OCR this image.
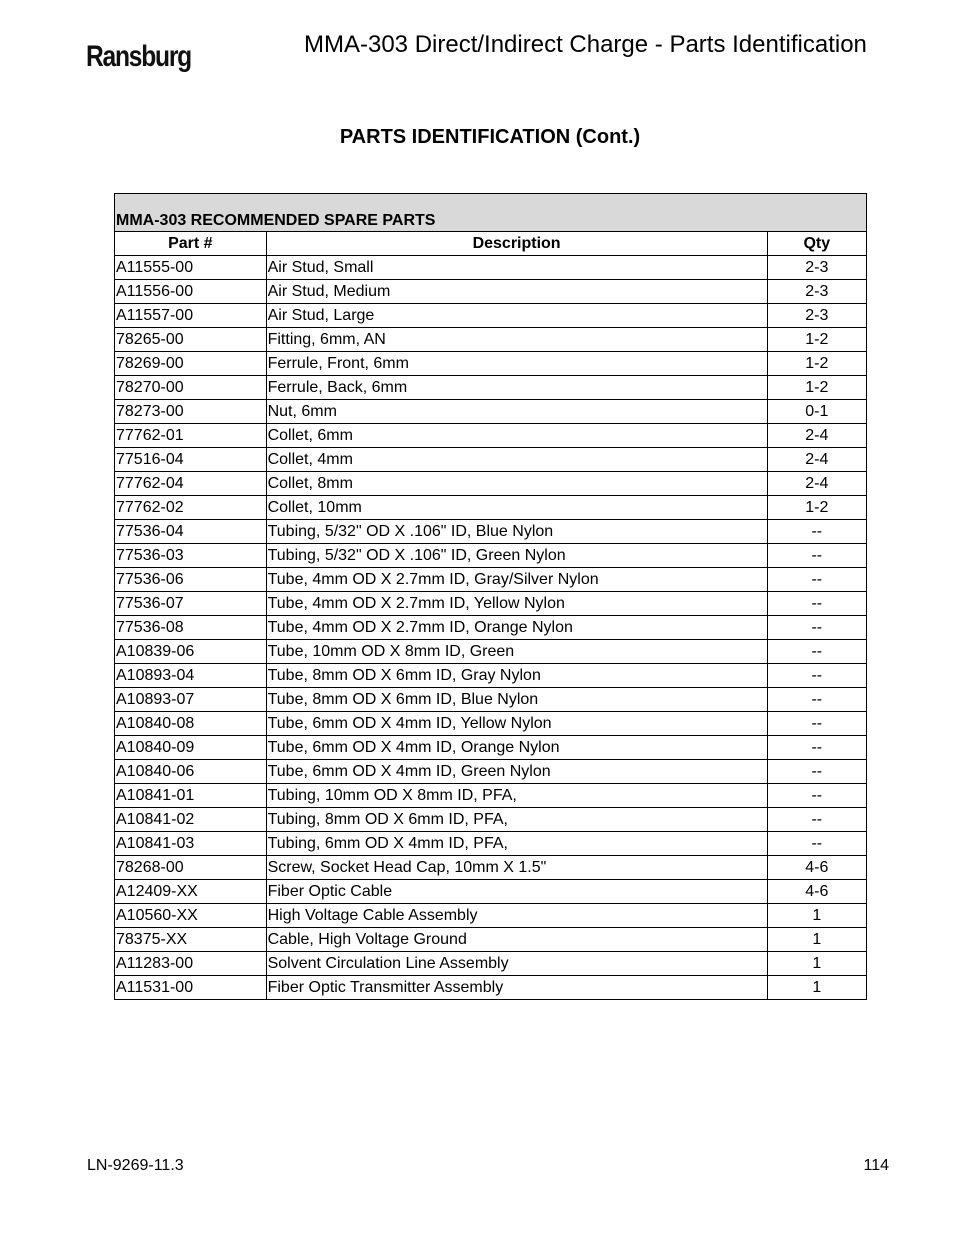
Ransburg	MMA-303 Direct/Indirect Charge - Parts Identification
PARTS IDENTIFICATION (Cont.)
MMA-303 RECOMMENDED SPARE PARTS		
Part #	Description	Qty
A11555-00	Air Stud, Small	2-3
A11556-00	Air Stud, Medium	2-3
A11557-00	Air Stud, Large	2-3
78265-00	Fitting, 6mm, AN	1-2
78269-00	Ferrule, Front, 6mm	1-2
78270-00	Ferrule, Back, 6mm	1-2
78273-00	Nut, 6mm	0-1
77762-01	Collet, 6mm	2-4
77516-04	Collet, 4mm	2-4
77762-04	Collet, 8mm	2-4
77762-02	Collet, 10mm	1-2
77536-04	Tubing, 5/32" OD X .106" ID, Blue Nylon	--
77536-03	Tubing, 5/32" OD X .106" ID, Green Nylon	--
77536-06	Tube, 4mm OD X 2.7mm ID, Gray/Silver Nylon	--
77536-07	Tube, 4mm OD X 2.7mm ID, Yellow Nylon	--
77536-08	Tube, 4mm OD X 2.7mm ID, Orange Nylon	--
A10839-06	Tube, 10mm OD X 8mm ID, Green	--
A10893-04	Tube, 8mm OD X 6mm ID, Gray Nylon	--
A10893-07	Tube, 8mm OD X 6mm ID, Blue Nylon	--
A10840-08	Tube, 6mm OD X 4mm ID, Yellow Nylon	--
A10840-09	Tube, 6mm OD X 4mm ID, Orange Nylon	--
A10840-06	Tube, 6mm OD X 4mm ID, Green Nylon	--
A10841-01	Tubing, 10mm OD X 8mm ID, PFA,	--
A10841-02	Tubing, 8mm OD X 6mm ID, PFA,	--
A10841-03	Tubing, 6mm OD X 4mm ID, PFA,	--
78268-00	Screw, Socket Head Cap, 10mm X 1.5"	4-6
A12409-XX	Fiber Optic Cable	4-6
A10560-XX	High Voltage Cable Assembly	1
78375-XX	Cable, High Voltage Ground	1
A11283-00	Solvent Circulation Line Assembly	1
A11531-00	Fiber Optic Transmitter Assembly	1
LN-9269-11.3	114
